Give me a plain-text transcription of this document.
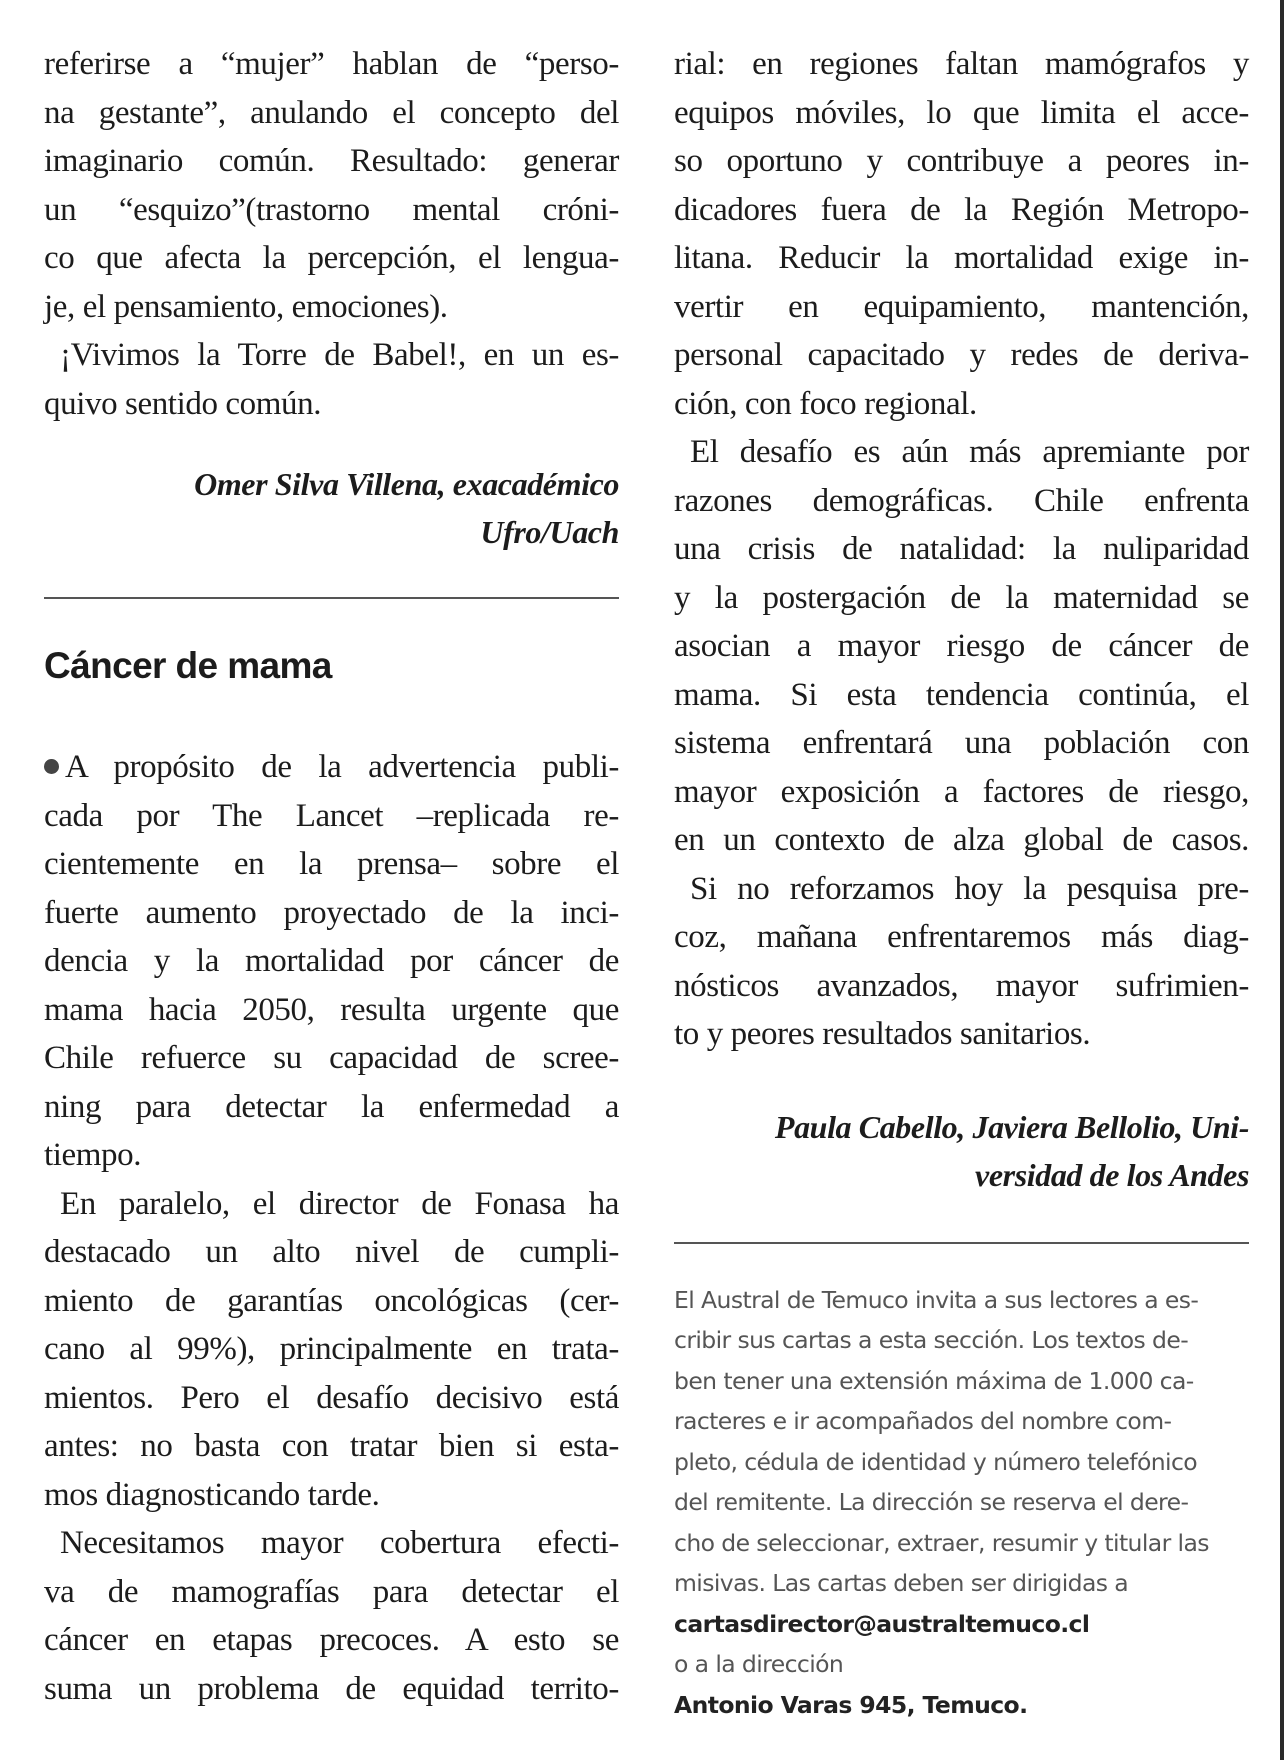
referirse a “mujer” hablan de “perso-
na gestante”, anulando el concepto del
imaginario común. Resultado: generar
un “esquizo”(trastorno mental cróni-
co que afecta la percepción, el lengua-
je, el pensamiento, emociones).
¡Vivimos la Torre de Babel!, en un es-
quivo sentido común.
Omer Silva Villena, exacadémico
Ufro/Uach
Cáncer de mama
A propósito de la advertencia publi-
cada por The Lancet –replicada re-
cientemente en la prensa– sobre el
fuerte aumento proyectado de la inci-
dencia y la mortalidad por cáncer de
mama hacia 2050, resulta urgente que
Chile refuerce su capacidad de scree-
ning para detectar la enfermedad a
tiempo.
En paralelo, el director de Fonasa ha
destacado un alto nivel de cumpli-
miento de garantías oncológicas (cer-
cano al 99%), principalmente en trata-
mientos. Pero el desafío decisivo está
antes: no basta con tratar bien si esta-
mos diagnosticando tarde.
Necesitamos mayor cobertura efecti-
va de mamografías para detectar el
cáncer en etapas precoces. A esto se
suma un problema de equidad territo-
rial: en regiones faltan mamógrafos y
equipos móviles, lo que limita el acce-
so oportuno y contribuye a peores in-
dicadores fuera de la Región Metropo-
litana. Reducir la mortalidad exige in-
vertir en equipamiento, mantención,
personal capacitado y redes de deriva-
ción, con foco regional.
El desafío es aún más apremiante por
razones demográficas. Chile enfrenta
una crisis de natalidad: la nuliparidad
y la postergación de la maternidad se
asocian a mayor riesgo de cáncer de
mama. Si esta tendencia continúa, el
sistema enfrentará una población con
mayor exposición a factores de riesgo,
en un contexto de alza global de casos.
Si no reforzamos hoy la pesquisa pre-
coz, mañana enfrentaremos más diag-
nósticos avanzados, mayor sufrimien-
to y peores resultados sanitarios.
Paula Cabello, Javiera Bellolio, Uni-
versidad de los Andes
El Austral de Temuco invita a sus lectores a es-
cribir sus cartas a esta sección. Los textos de-
ben tener una extensión máxima de 1.000 ca-
racteres e ir acompañados del nombre com-
pleto, cédula de identidad y número telefónico
del remitente. La dirección se reserva el dere-
cho de seleccionar, extraer, resumir y titular las
misivas. Las cartas deben ser dirigidas a
cartasdirector@australtemuco.cl
o a la dirección
Antonio Varas 945, Temuco.
